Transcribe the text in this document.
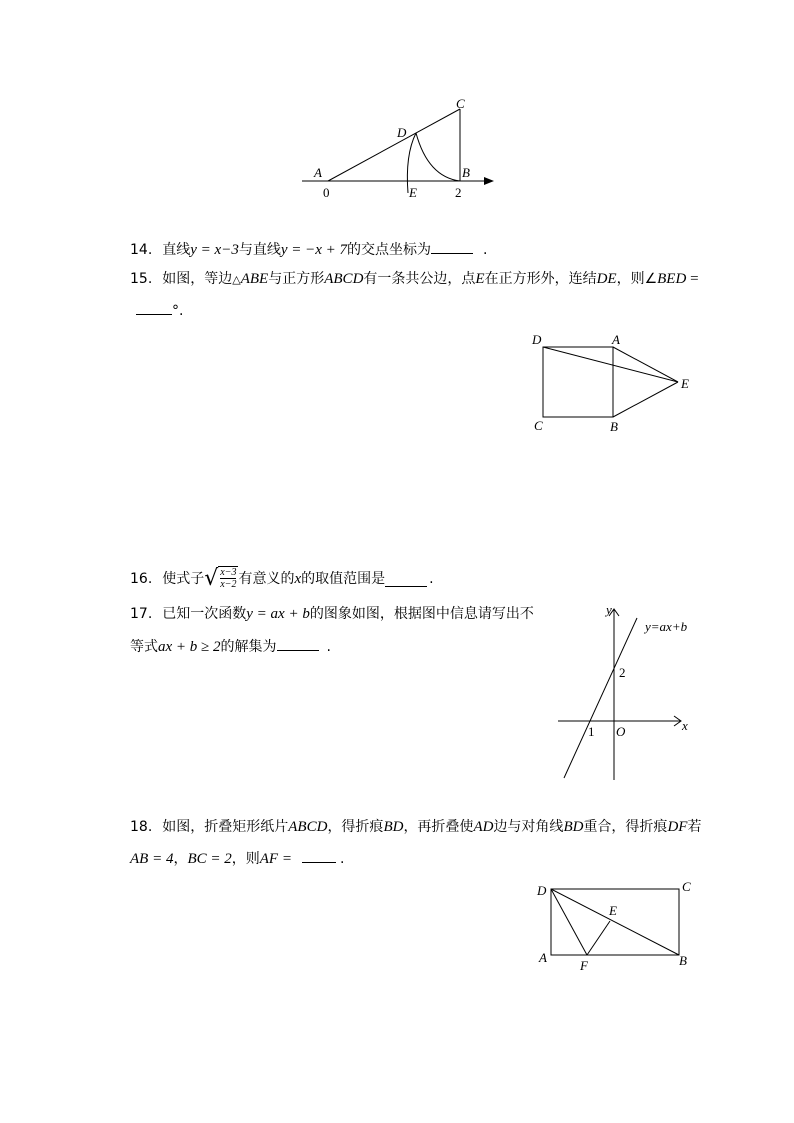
A	B
C
D
E
0	2
14. 直线y = x−3与直线y = −x + 7的交点坐标为	.
15. 如图，等边△ABE与正方形ABCD有一条共公边，点E在正方形外，连结DE，则∠BED =
°.
D	A
E
C	B
16. 使式子 √ x−3
x−2 有意义的 x 的取值范围是	.
17. 已知一次函数y = ax + b的图象如图，根据图中信息请写出不
等式ax + b ≥ 2的解集为	.
y
x
y=ax+b
2
1 O
18. 如图，折叠矩形纸片ABCD，得折痕BD，再折叠使AD边与对角线BD重合，得折痕DF若
AB = 4，BC = 2，则AF =	.
D	C
E
A
F	B
